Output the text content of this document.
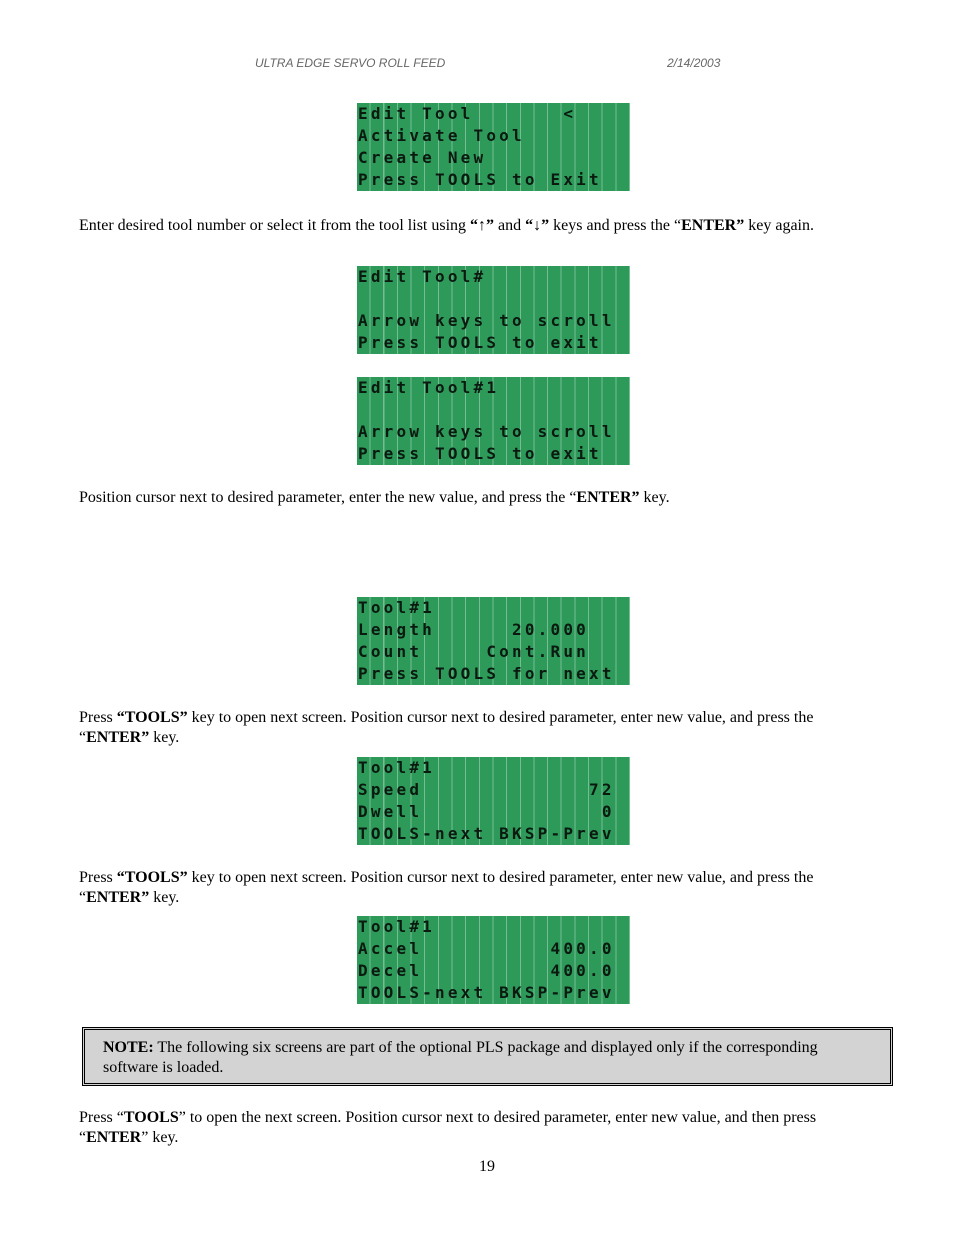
ULTRA EDGE SERVO ROLL FEED	2/14/2003
Edit Tool       <
Activate Tool
Create New
Press TOOLS to Exit
Enter desired tool number or select it from the tool list using “↑” and “↓” keys and press the “ENTER” key again.
Edit Tool#
Arrow keys to scroll
Press TOOLS to exit
Edit Tool#1
Arrow keys to scroll
Press TOOLS to exit
Position cursor next to desired parameter, enter the new value, and press the “ENTER” key.
Tool#1
Length      20.000
Count     Cont.Run
Press TOOLS for next
Press “TOOLS” key to open next screen. Position cursor next to desired parameter, enter new value, and press the “ENTER” key.
Tool#1
Speed             72
Dwell              0
TOOLS-next BKSP-Prev
Press “TOOLS” key to open next screen. Position cursor next to desired parameter, enter new value, and press the “ENTER” key.
Tool#1
Accel          400.0
Decel          400.0
TOOLS-next BKSP-Prev
NOTE: The following six screens are part of the optional PLS package and displayed only if the corresponding software is loaded.
Press “TOOLS” to open the next screen. Position cursor next to desired parameter, enter new value, and then press “ENTER” key.
19
